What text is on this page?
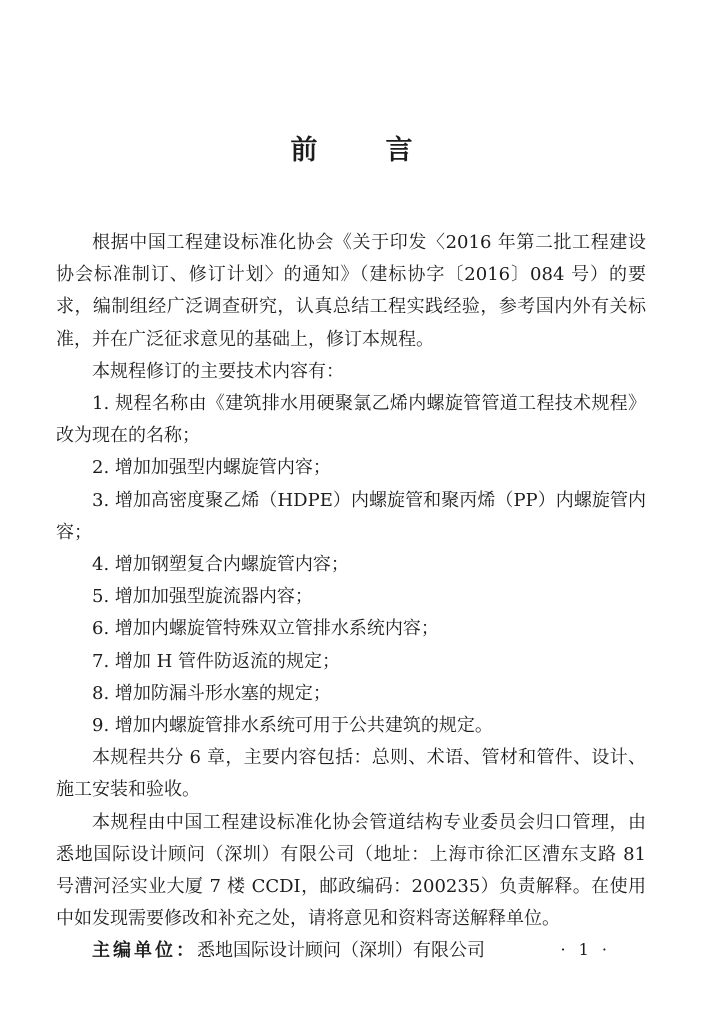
前	言

根据中国工程建设标准化协会《关于印发〈2016 年第二批工程建设协会标准制订、修订计划〉的通知》（建标协字〔2016〕084 号）的要求，编制组经广泛调查研究，认真总结工程实践经验，参考国内外有关标准，并在广泛征求意见的基础上，修订本规程。

本规程修订的主要技术内容有：

1. 规程名称由《建筑排水用硬聚氯乙烯内螺旋管管道工程技术规程》改为现在的名称；

2. 增加加强型内螺旋管内容；

3. 增加高密度聚乙烯（HDPE）内螺旋管和聚丙烯（PP）内螺旋管内容；

4. 增加钢塑复合内螺旋管内容；

5. 增加加强型旋流器内容；

6. 增加内螺旋管特殊双立管排水系统内容；

7. 增加 H 管件防返流的规定；

8. 增加防漏斗形水塞的规定；

9. 增加内螺旋管排水系统可用于公共建筑的规定。

本规程共分 6 章，主要内容包括：总则、术语、管材和管件、设计、施工安装和验收。

本规程由中国工程建设标准化协会管道结构专业委员会归口管理，由悉地国际设计顾问（深圳）有限公司（地址：上海市徐汇区漕东支路 81 号漕河泾实业大厦 7 楼 CCDI，邮政编码：200235）负责解释。在使用中如发现需要修改和补充之处，请将意见和资料寄送解释单位。

主编单位：悉地国际设计顾问（深圳）有限公司	· 1 ·
